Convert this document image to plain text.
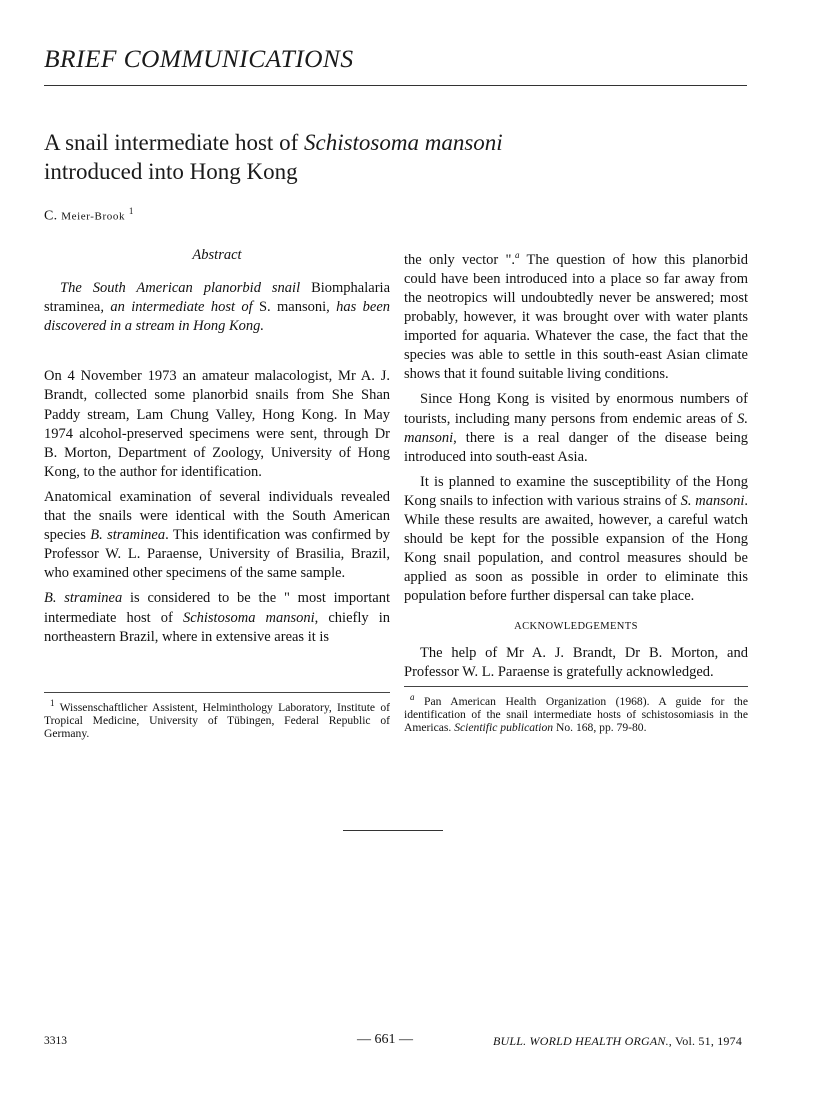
BRIEF COMMUNICATIONS
A snail intermediate host of Schistosoma mansoni
introduced into Hong Kong
C. Meier-Brook $^1$
Abstract
The South American planorbid snail Biomphalaria straminea, an intermediate host of S. mansoni, has been discovered in a stream in Hong Kong.

On 4 November 1973 an amateur malacologist, Mr A. J. Brandt, collected some planorbid snails from She Shan Paddy stream, Lam Chung Valley, Hong Kong. In May 1974 alcohol-preserved specimens were sent, through Dr B. Morton, Department of Zoology, University of Hong Kong, to the author for identification.

Anatomical examination of several individuals revealed that the snails were identical with the South American species B. straminea. This identification was confirmed by Professor W. L. Paraense, University of Brasilia, Brazil, who examined other specimens of the same sample.

B. straminea is considered to be the " most important intermediate host of Schistosoma mansoni, chiefly in northeastern Brazil, where in extensive areas it is

the only vector ".$^a$ The question of how this planorbid could have been introduced into a place so far away from the neotropics will undoubtedly never be answered; most probably, however, it was brought over with water plants imported for aquaria. Whatever the case, the fact that the species was able to settle in this south-east Asian climate shows that it found suitable living conditions.

Since Hong Kong is visited by enormous numbers of tourists, including many persons from endemic areas of S. mansoni, there is a real danger of the disease being introduced into south-east Asia.

It is planned to examine the susceptibility of the Hong Kong snails to infection with various strains of S. mansoni. While these results are awaited, however, a careful watch should be kept for the possible expansion of the Hong Kong snail population, and control measures should be applied as soon as possible in order to eliminate this population before further dispersal can take place.

ACKNOWLEDGEMENTS

The help of Mr A. J. Brandt, Dr B. Morton, and Professor W. L. Paraense is gratefully acknowledged.

$^1$ Wissenschaftlicher Assistent, Helminthology Laboratory, Institute of Tropical Medicine, University of Tübingen, Federal Republic of Germany.
$^a$ Pan American Health Organization (1968). A guide for the identification of the snail intermediate hosts of schistosomiasis in the Americas. Scientific publication No. 168, pp. 79-80.
3313	— 661 —	BULL. WORLD HEALTH ORGAN., Vol. 51, 1974
